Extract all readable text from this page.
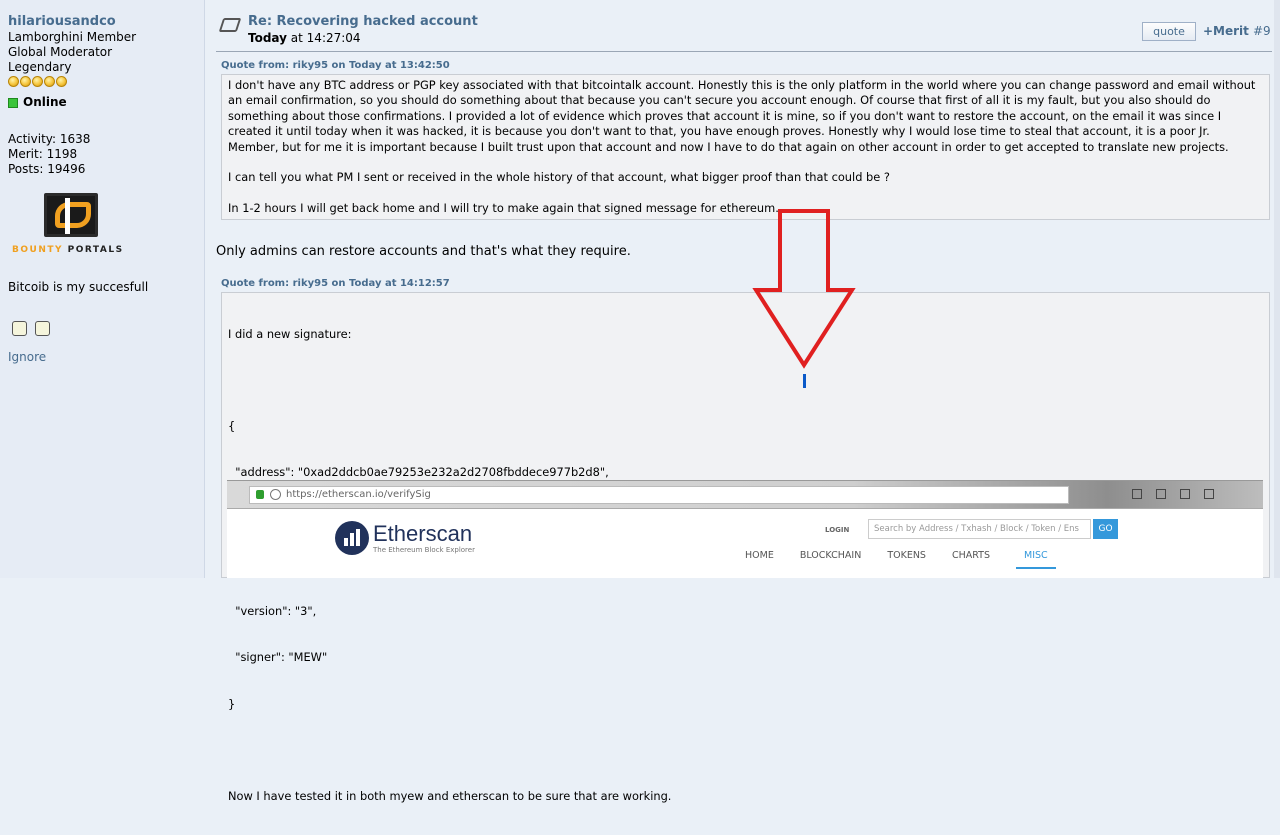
hilariousandco
Lamborghini Member
Global Moderator
Legendary
Online
Activity: 1638
Merit: 1198
Posts: 19496
BOUNTY PORTALS
Bitcoib is my succesfull
Ignore
Re: Recovering hacked account
Today at 14:27:04	quote	+Merit #9
Quote from: riky95 on Today at 13:42:50

I don't have any BTC address or PGP key associated with that bitcointalk account. Honestly this is the only platform in the world where you can change password and email without an email confirmation, so you should do something about that because you can't secure you account enough. Of course that first of all it is my fault, but you also should do something about those confirmations. I provided a lot of evidence which proves that account it is mine, so if you don't want to restore the account, on the email it was since I created it until today when it was hacked, it is because you don't want to that, you have enough proves. Honestly why I would lose time to steal that account, it is a poor Jr. Member, but for me it is important because I built trust upon that account and now I have to do that again on other account in order to get accepted to translate new projects.

I can tell you what PM I sent or received in the whole history of that account, what bigger proof than that could be ?

In 1-2 hours I will get back home and I will try to make again that signed message for ethereum.

Only admins can restore accounts and that's what they require.
Quote from: riky95 on Today at 14:12:57

I did a new signature:

{

"address": "0xad2ddcb0ae79253e232a2d2708fbddece977b2d8",

"version": "3",

"signer": "MEW"

}

Now I have tested it in both myew and etherscan to be sure that are working.

https://etherscan.io/verifySig
Etherscan
The Ethereum Block Explorer
LOGIN	Search by Address / Txhash / Block / Token / Ens	GO
HOME	BLOCKCHAIN	TOKENS	CHARTS	MISC
